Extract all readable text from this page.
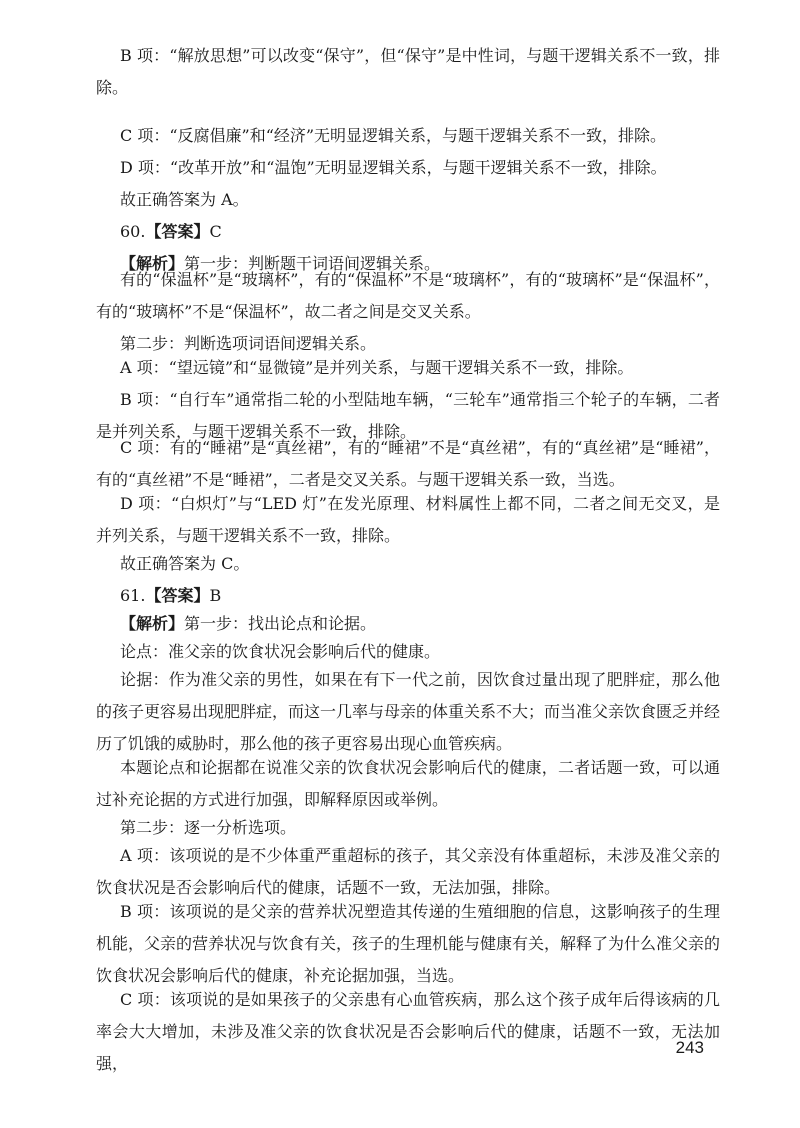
B 项：“解放思想”可以改变“保守”，但“保守”是中性词，与题干逻辑关系不一致，排除。

C 项：“反腐倡廉”和“经济”无明显逻辑关系，与题干逻辑关系不一致，排除。

D 项：“改革开放”和“温饱”无明显逻辑关系，与题干逻辑关系不一致，排除。

故正确答案为 A。

60.【答案】C

【解析】第一步：判断题干词语间逻辑关系。

有的“保温杯”是“玻璃杯”，有的“保温杯”不是“玻璃杯”，有的“玻璃杯”是“保温杯”，有的“玻璃杯”不是“保温杯”，故二者之间是交叉关系。

第二步：判断选项词语间逻辑关系。

A 项：“望远镜”和“显微镜”是并列关系，与题干逻辑关系不一致，排除。

B 项：“自行车”通常指二轮的小型陆地车辆，“三轮车”通常指三个轮子的车辆，二者是并列关系，与题干逻辑关系不一致，排除。

C 项：有的“睡裙”是“真丝裙”，有的“睡裙”不是“真丝裙”，有的“真丝裙”是“睡裙”，有的“真丝裙”不是“睡裙”，二者是交叉关系。与题干逻辑关系一致，当选。

D 项：“白炽灯”与“LED 灯”在发光原理、材料属性上都不同，二者之间无交叉，是并列关系，与题干逻辑关系不一致，排除。

故正确答案为 C。

61.【答案】B

【解析】第一步：找出论点和论据。

论点：准父亲的饮食状况会影响后代的健康。

论据：作为准父亲的男性，如果在有下一代之前，因饮食过量出现了肥胖症，那么他的孩子更容易出现肥胖症，而这一几率与母亲的体重关系不大；而当准父亲饮食匮乏并经历了饥饿的威胁时，那么他的孩子更容易出现心血管疾病。

本题论点和论据都在说准父亲的饮食状况会影响后代的健康，二者话题一致，可以通过补充论据的方式进行加强，即解释原因或举例。

第二步：逐一分析选项。

A 项：该项说的是不少体重严重超标的孩子，其父亲没有体重超标，未涉及准父亲的饮食状况是否会影响后代的健康，话题不一致，无法加强，排除。

B 项：该项说的是父亲的营养状况塑造其传递的生殖细胞的信息，这影响孩子的生理机能，父亲的营养状况与饮食有关，孩子的生理机能与健康有关，解释了为什么准父亲的饮食状况会影响后代的健康，补充论据加强，当选。

C 项：该项说的是如果孩子的父亲患有心血管疾病，那么这个孩子成年后得该病的几率会大大增加，未涉及准父亲的饮食状况是否会影响后代的健康，话题不一致，无法加强，

243
